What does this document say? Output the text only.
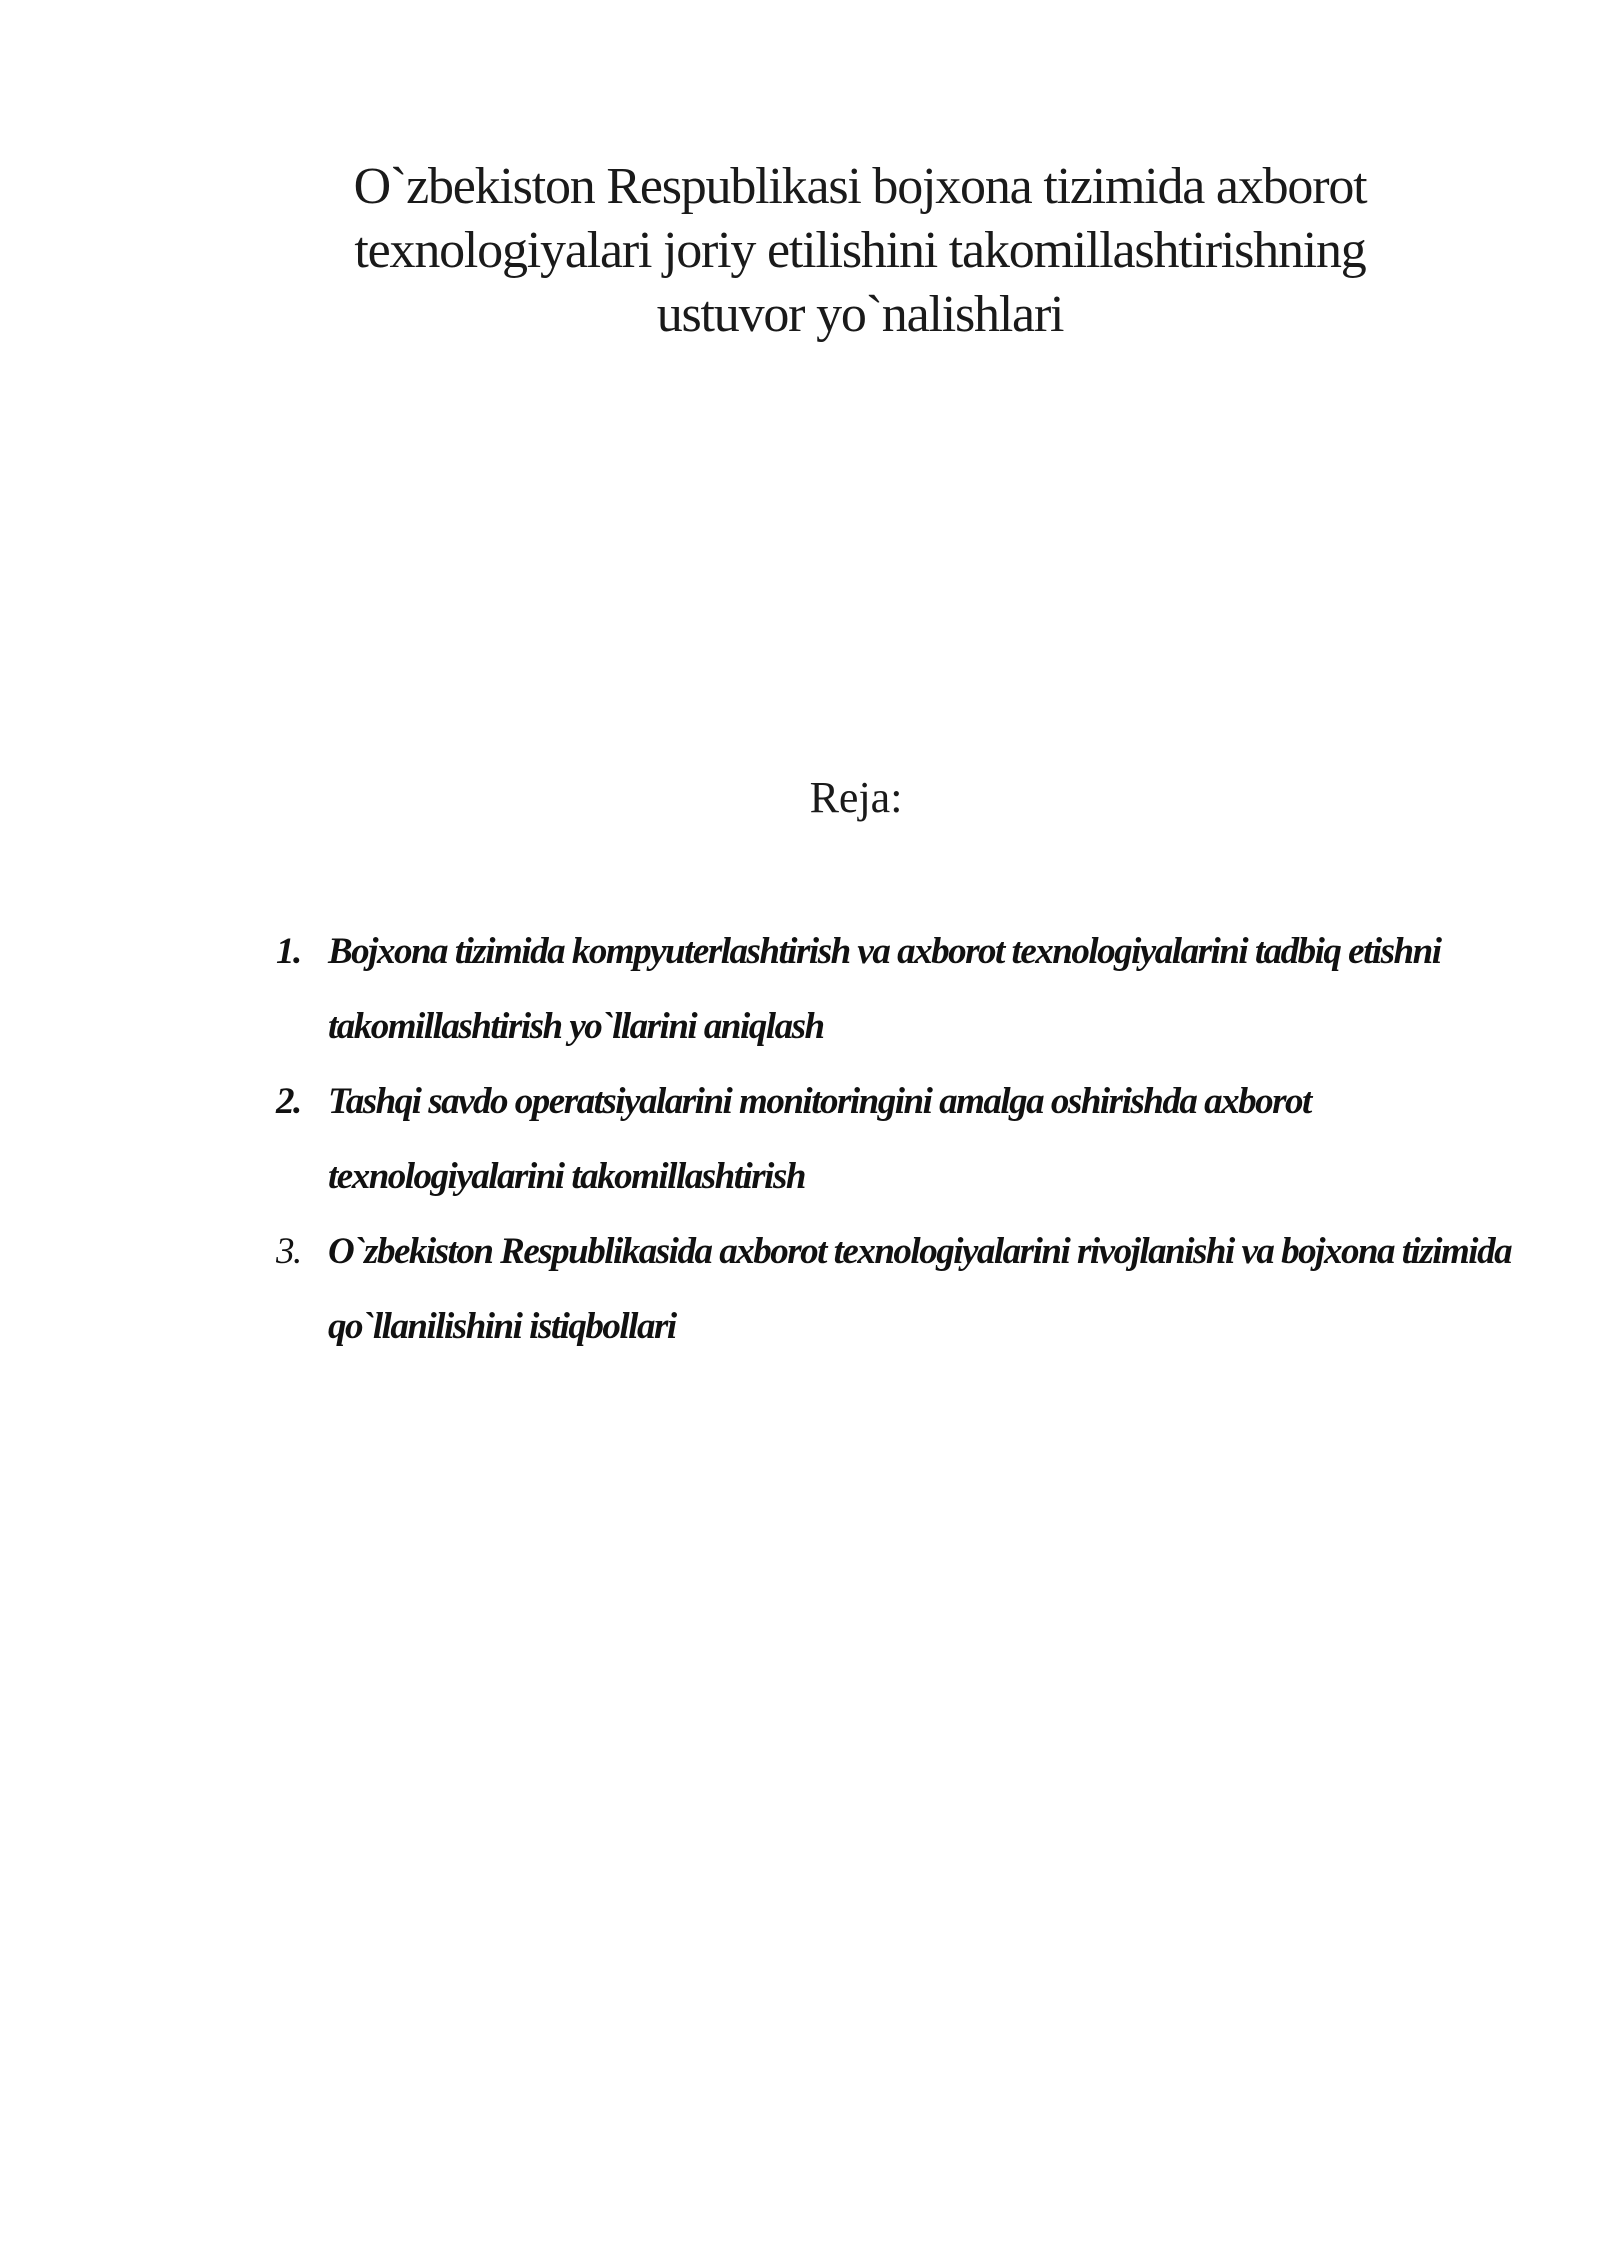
O`zbekiston Respublikasi bojxona tizimida axborot
texnologiyalari joriy etilishini takomillashtirishning
ustuvor yo`nalishlari
Reja:
1. Bojxona tizimida kompyuterlashtirish va axborot texnologiyalarini tadbiq etishni takomillashtirish yo`llarini aniqlash
2. Tashqi savdo operatsiyalarini monitoringini amalga oshirishda axborot texnologiyalarini takomillashtirish
3. O`zbekiston Respublikasida axborot texnologiyalarini rivojlanishi va bojxona tizimida qo`llanilishini istiqbollari
